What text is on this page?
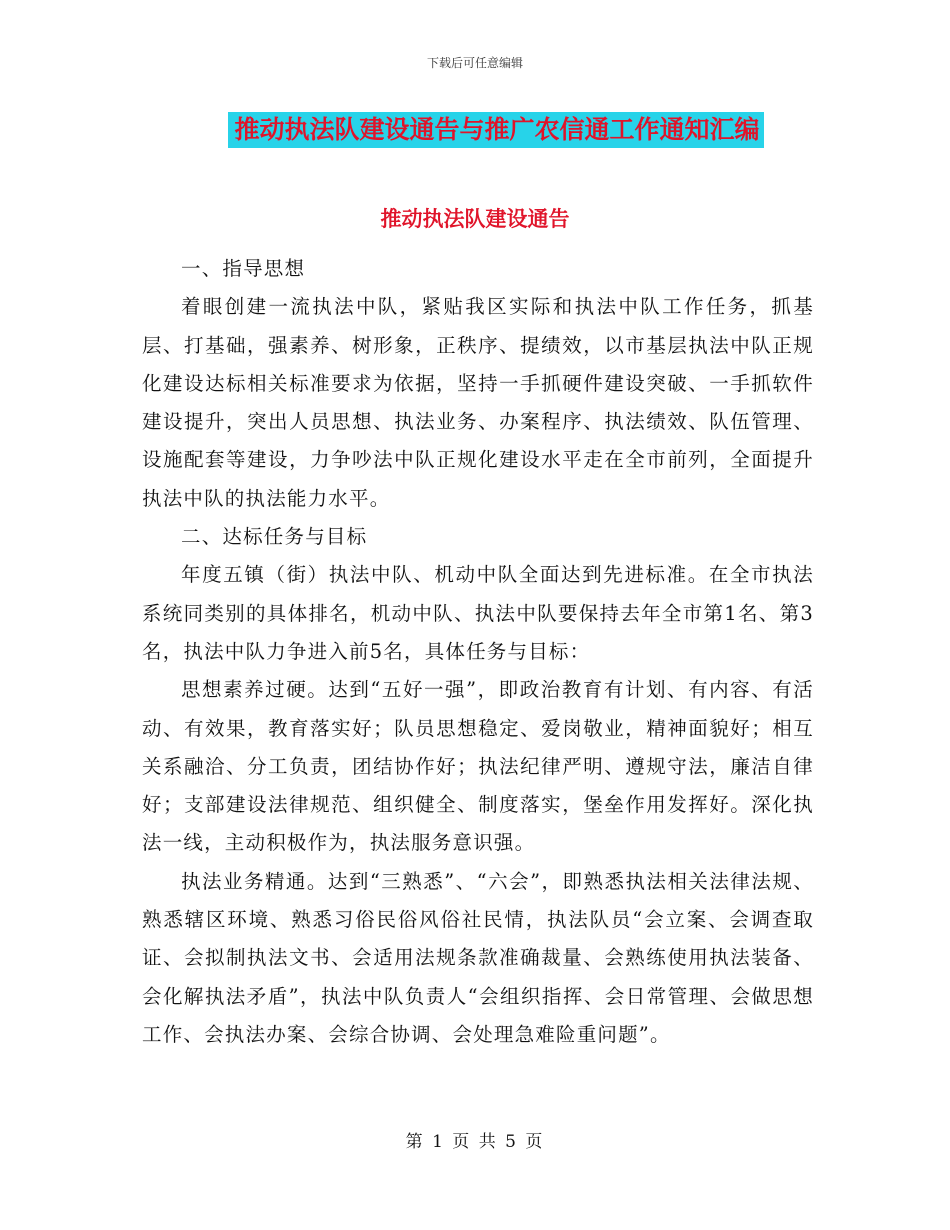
下载后可任意编辑
推动执法队建设通告与推广农信通工作通知汇编
推动执法队建设通告

一、指导思想

着眼创建一流执法中队，紧贴我区实际和执法中队工作任务，抓基层、打基础，强素养、树形象，正秩序、提绩效，以市基层执法中队正规化建设达标相关标准要求为依据，坚持一手抓硬件建设突破、一手抓软件建设提升，突出人员思想、执法业务、办案程序、执法绩效、队伍管理、设施配套等建设，力争吵法中队正规化建设水平走在全市前列，全面提升执法中队的执法能力水平。

二、达标任务与目标

年度五镇（街）执法中队、机动中队全面达到先进标准。在全市执法系统同类别的具体排名，机动中队、执法中队要保持去年全市第1名、第3名，执法中队力争进入前5名，具体任务与目标：

思想素养过硬。达到“五好一强”，即政治教育有计划、有内容、有活动、有效果，教育落实好；队员思想稳定、爱岗敬业，精神面貌好；相互关系融洽、分工负责，团结协作好；执法纪律严明、遵规守法，廉洁自律好；支部建设法律规范、组织健全、制度落实，堡垒作用发挥好。深化执法一线，主动积极作为，执法服务意识强。

执法业务精通。达到“三熟悉”、“六会”，即熟悉执法相关法律法规、熟悉辖区环境、熟悉习俗民俗风俗社民情，执法队员“会立案、会调查取证、会拟制执法文书、会适用法规条款准确裁量、会熟练使用执法装备、会化解执法矛盾”，执法中队负责人“会组织指挥、会日常管理、会做思想工作、会执法办案、会综合协调、会处理急难险重问题”。

第 1 页 共 5 页
